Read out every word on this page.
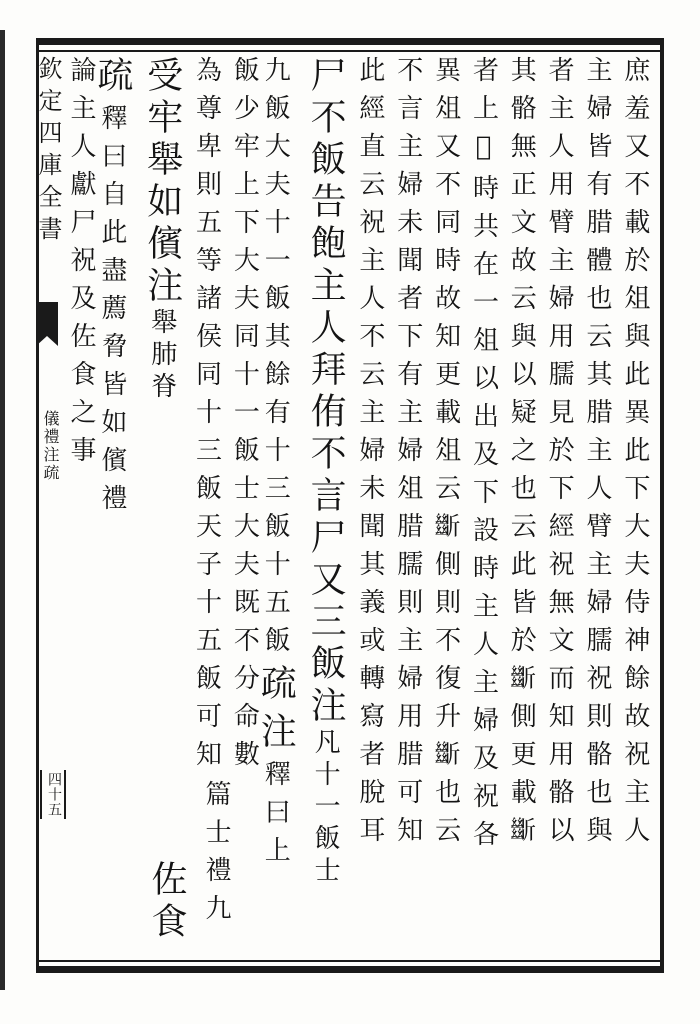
欽定四庫全書
儀禮注疏
四十五	庶羞又不載於俎與此異此下大夫侍神餘故祝主人
主婦皆有腊體也云其腊主人臂主婦臑祝則骼也與
者主人用臂主婦用臑見於下經祝無文而知用骼以
其骼無正文故云與以疑之也云此皆於𣃔側更載𣃔
者上𡻆時共在一俎以出及下設時主人主婦及祝各
異俎又不同時故知更載俎云𣃔側則不復升𣃔也云
不言主婦未聞者下有主婦俎腊臑則主婦用腊可知
此經直云祝主人不云主婦未聞其義或轉寫者脫耳
尸不飯告飽主人拜侑不言尸又三飯注凡十一飯士
九飯大夫十一飯其餘有十三飯十五飯疏注釋曰上
飯少牢上下大夫同十一飯士大夫既不分命數
為尊卑則五等諸侯同十三飯天子十五飯可知
受牢舉如儐注舉肺脊
疏釋曰自此盡薦脅皆如儐禮
論主人獻尸祝及佐食之事
篇士禮九
佐食
